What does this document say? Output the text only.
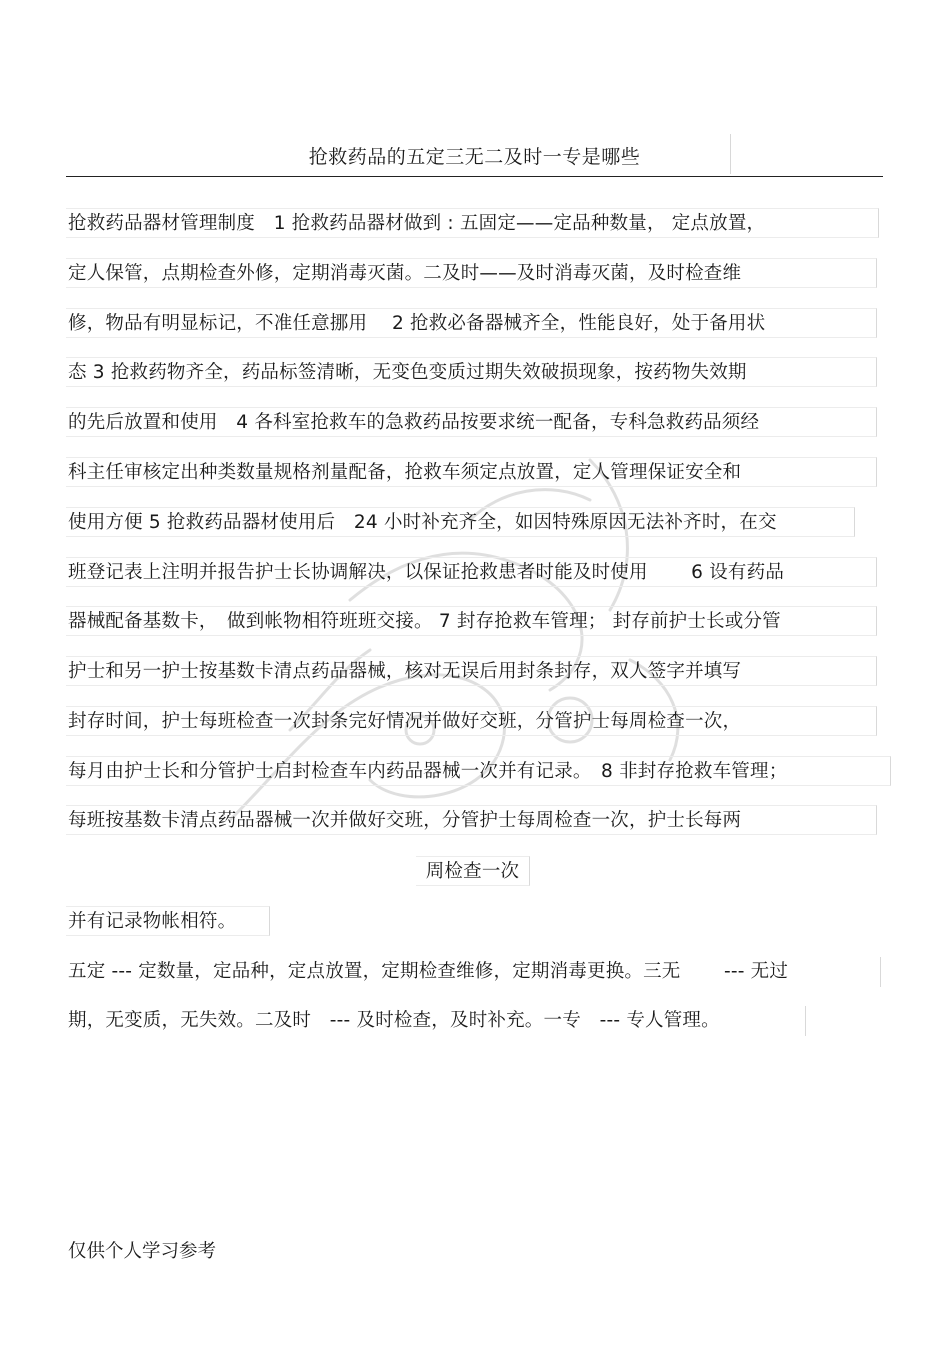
抢救药品的五定三无二及时一专是哪些
抢救药品器材管理制度　1 抢救药品器材做到 : 五固定——定品种数量， 定点放置，
定人保管，点期检查外修，定期消毒灭菌。二及时——及时消毒灭菌，及时检查维
修，物品有明显标记，不准任意挪用　 2 抢救必备器械齐全，性能良好，处于备用状
态 3 抢救药物齐全，药品标签清晰，无变色变质过期失效破损现象，按药物失效期
的先后放置和使用　4 各科室抢救车的急救药品按要求统一配备，专科急救药品须经
科主任审核定出种类数量规格剂量配备，抢救车须定点放置，定人管理保证安全和
使用方便 5 抢救药品器材使用后　24 小时补充齐全，如因特殊原因无法补齐时，在交
班登记表上注明并报告护士长协调解决，以保证抢救患者时能及时使用　 　6 设有药品
器械配备基数卡，　做到帐物相符班班交接。 7 封存抢救车管理； 封存前护士长或分管
护士和另一护士按基数卡清点药品器械，核对无误后用封条封存，双人签字并填写
封存时间，护士每班检查一次封条完好情况并做好交班，分管护士每周检查一次，
每月由护士长和分管护士启封检查车内药品器械一次并有记录。　8 非封存抢救车管理；
每班按基数卡清点药品器械一次并做好交班，分管护士每周检查一次，护士长每两
周检查一次
并有记录物帐相符。
五定 --- 定数量，定品种，定点放置，定期检查维修，定期消毒更换。三无　 　--- 无过
期，无变质，无失效。二及时　--- 及时检查，及时补充。一专　--- 专人管理。
仅供个人学习参考
